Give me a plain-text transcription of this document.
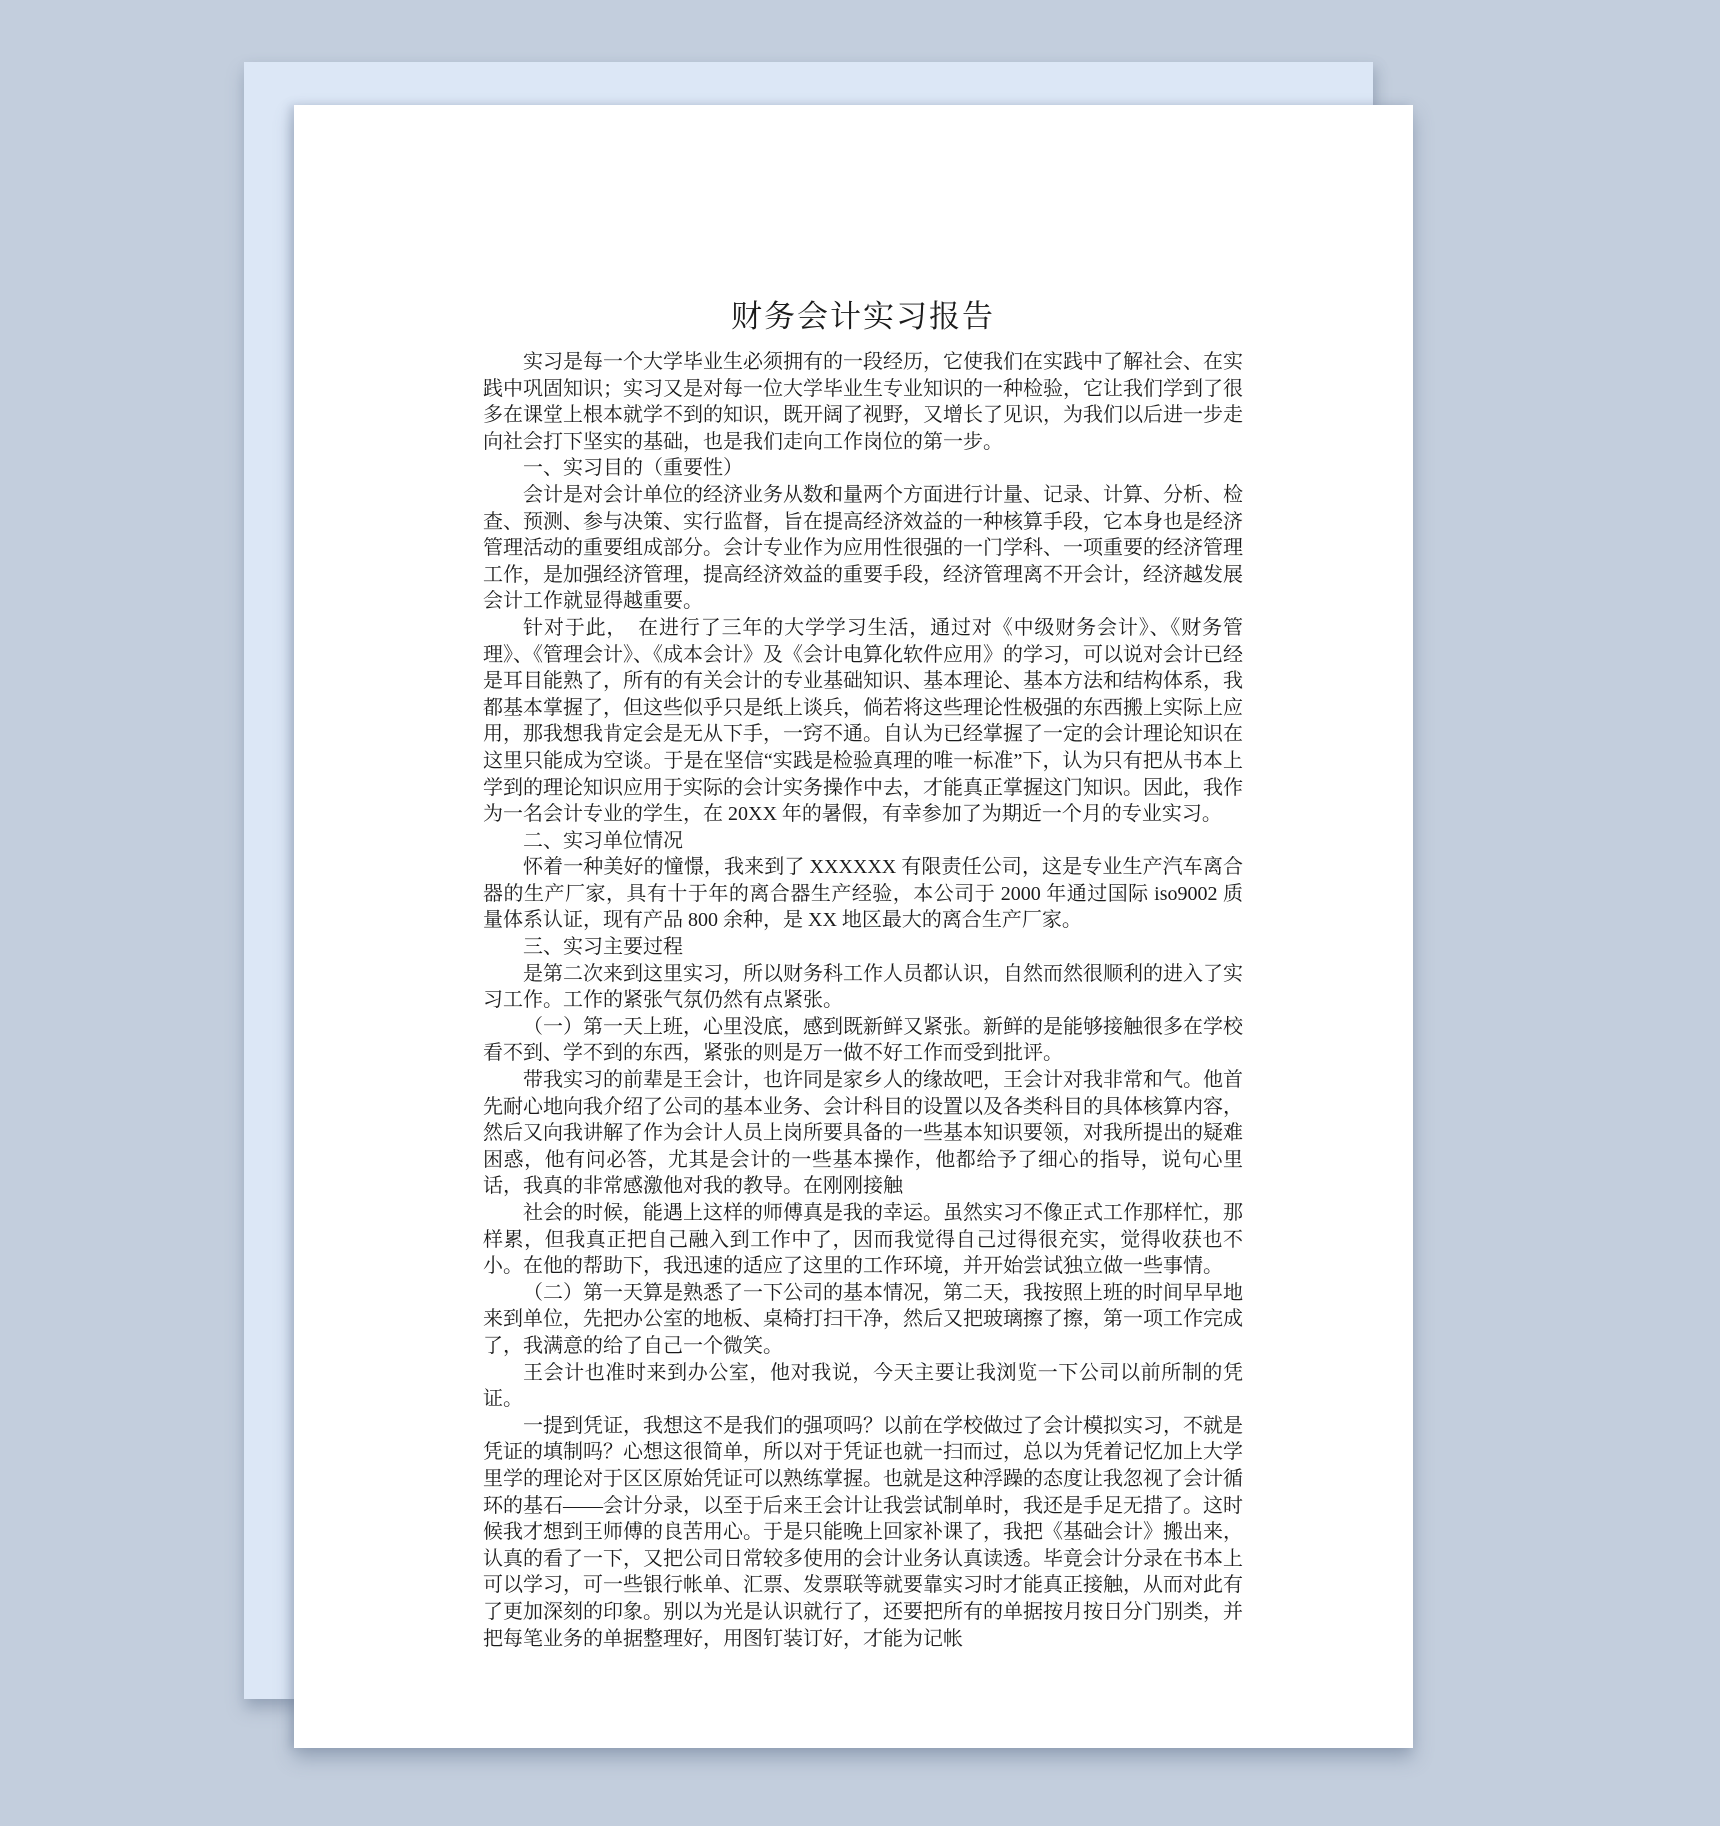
财务会计实习报告

实习是每一个大学毕业生必须拥有的一段经历，它使我们在实践中了解社会、在实践中巩固知识；实习又是对每一位大学毕业生专业知识的一种检验，它让我们学到了很多在课堂上根本就学不到的知识，既开阔了视野，又增长了见识，为我们以后进一步走向社会打下坚实的基础，也是我们走向工作岗位的第一步。

一、实习目的（重要性）

会计是对会计单位的经济业务从数和量两个方面进行计量、记录、计算、分析、检查、预测、参与决策、实行监督，旨在提高经济效益的一种核算手段，它本身也是经济管理活动的重要组成部分。会计专业作为应用性很强的一门学科、一项重要的经济管理工作，是加强经济管理，提高经济效益的重要手段，经济管理离不开会计，经济越发展会计工作就显得越重要。

针对于此，　在进行了三年的大学学习生活，通过对《中级财务会计》、《财务管理》、《管理会计》、《成本会计》及《会计电算化软件应用》的学习，可以说对会计已经是耳目能熟了，所有的有关会计的专业基础知识、基本理论、基本方法和结构体系，我都基本掌握了，但这些似乎只是纸上谈兵，倘若将这些理论性极强的东西搬上实际上应用，那我想我肯定会是无从下手，一窍不通。自认为已经掌握了一定的会计理论知识在这里只能成为空谈。于是在坚信“实践是检验真理的唯一标准”下，认为只有把从书本上学到的理论知识应用于实际的会计实务操作中去，才能真正掌握这门知识。因此，我作为一名会计专业的学生，在 20XX 年的暑假，有幸参加了为期近一个月的专业实习。

二、实习单位情况

怀着一种美好的憧憬，我来到了 XXXXXX 有限责任公司，这是专业生产汽车离合器的生产厂家，具有十于年的离合器生产经验，本公司于 2000 年通过国际 iso9002 质量体系认证，现有产品 800 余种，是 XX 地区最大的离合生产厂家。

三、实习主要过程

是第二次来到这里实习，所以财务科工作人员都认识，自然而然很顺利的进入了实习工作。工作的紧张气氛仍然有点紧张。

（一）第一天上班，心里没底，感到既新鲜又紧张。新鲜的是能够接触很多在学校看不到、学不到的东西，紧张的则是万一做不好工作而受到批评。

带我实习的前辈是王会计，也许同是家乡人的缘故吧，王会计对我非常和气。他首先耐心地向我介绍了公司的基本业务、会计科目的设置以及各类科目的具体核算内容，然后又向我讲解了作为会计人员上岗所要具备的一些基本知识要领，对我所提出的疑难困惑，他有问必答，尤其是会计的一些基本操作，他都给予了细心的指导，说句心里话，我真的非常感激他对我的教导。在刚刚接触

社会的时候，能遇上这样的师傅真是我的幸运。虽然实习不像正式工作那样忙，那样累，但我真正把自己融入到工作中了，因而我觉得自己过得很充实，觉得收获也不小。在他的帮助下，我迅速的适应了这里的工作环境，并开始尝试独立做一些事情。

（二）第一天算是熟悉了一下公司的基本情况，第二天，我按照上班的时间早早地来到单位，先把办公室的地板、桌椅打扫干净，然后又把玻璃擦了擦，第一项工作完成了，我满意的给了自己一个微笑。

王会计也准时来到办公室，他对我说，今天主要让我浏览一下公司以前所制的凭证。

一提到凭证，我想这不是我们的强项吗？以前在学校做过了会计模拟实习，不就是凭证的填制吗？心想这很简单，所以对于凭证也就一扫而过，总以为凭着记忆加上大学里学的理论对于区区原始凭证可以熟练掌握。也就是这种浮躁的态度让我忽视了会计循环的基石——会计分录，以至于后来王会计让我尝试制单时，我还是手足无措了。这时候我才想到王师傅的良苦用心。于是只能晚上回家补课了，我把《基础会计》搬出来，认真的看了一下，又把公司日常较多使用的会计业务认真读透。毕竟会计分录在书本上可以学习，可一些银行帐单、汇票、发票联等就要靠实习时才能真正接触，从而对此有了更加深刻的印象。别以为光是认识就行了，还要把所有的单据按月按日分门别类，并把每笔业务的单据整理好，用图钉装订好，才能为记帐
